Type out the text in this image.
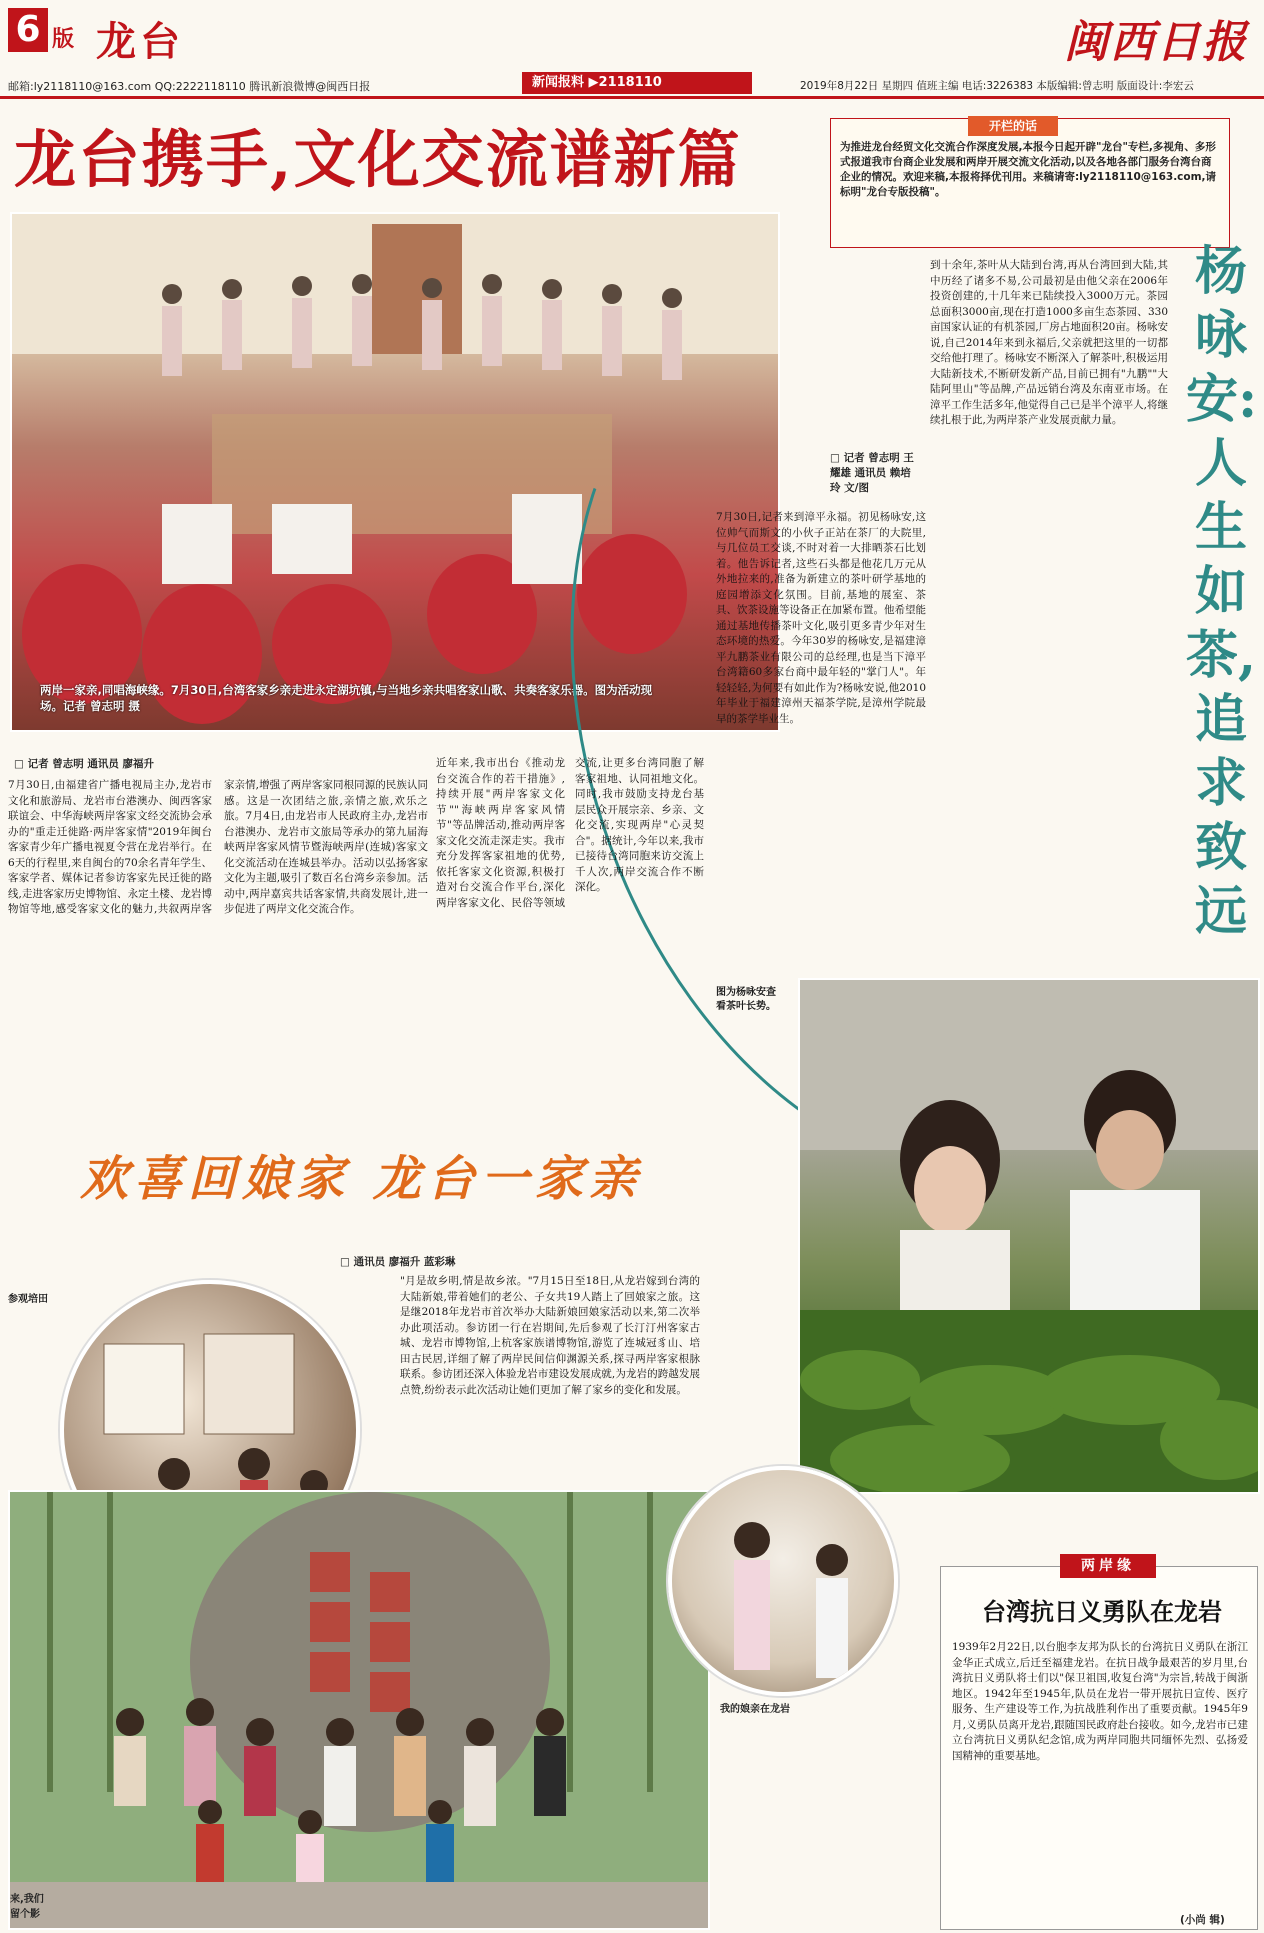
6 版 龙台	闽西日报
邮箱:ly2118110@163.com QQ:2222118110 腾讯新浪微博@闽西日报	新闻报料 ▶2118110	2019年8月22日 星期四 值班主编 电话:3226383 本版编辑:曾志明 版面设计:李宏云
龙台携手,文化交流谱新篇
两岸一家亲,同唱海峡缘。7月30日,台湾客家乡亲走进永定湖坑镇,与当地乡亲共唱客家山歌、共奏客家乐器。图为活动现场。记者 曾志明 摄
开栏的话
为推进龙台经贸文化交流合作深度发展,本报今日起开辟"龙台"专栏,多视角、多形式报道我市台商企业发展和两岸开展交流文化活动,以及各地各部门服务台湾台商企业的情况。欢迎来稿,本报将择优刊用。来稿请寄:ly2118110@163.com,请标明"龙台专版投稿"。
杨咏安:人生如茶,追求致远
到十余年,茶叶从大陆到台湾,再从台湾回到大陆,其中历经了诸多不易,公司最初是由他父亲在2006年投资创建的,十几年来已陆续投入3000万元。茶园总面积3000亩,现在打造1000多亩生态茶园、330亩国家认证的有机茶园,厂房占地面积20亩。杨咏安说,自己2014年来到永福后,父亲就把这里的一切都交给他打理了。杨咏安不断深入了解茶叶,积极运用大陆新技术,不断研发新产品,目前已拥有"九鹏""大陆阿里山"等品牌,产品远销台湾及东南亚市场。在漳平工作生活多年,他觉得自己已是半个漳平人,将继续扎根于此,为两岸茶产业发展贡献力量。
□ 记者 曾志明 王耀雄 通讯员 赖培玲 文/图
7月30日,记者来到漳平永福。初见杨咏安,这位帅气而斯文的小伙子正站在茶厂的大院里,与几位员工交谈,不时对着一大排晒茶石比划着。他告诉记者,这些石头都是他花几万元从外地拉来的,准备为新建立的茶叶研学基地的庭园增添文化氛围。目前,基地的展室、茶具、饮茶设施等设备正在加紧布置。他希望能通过基地传播茶叶文化,吸引更多青少年对生态环境的热爱。今年30岁的杨咏安,是福建漳平九鹏茶业有限公司的总经理,也是当下漳平台湾籍60多家台商中最年轻的"掌门人"。年轻轻轻,为何要有如此作为?杨咏安说,他2010年毕业于福建漳州天福茶学院,是漳州学院最早的茶学毕业生。
□ 记者 曾志明 通讯员 廖福升
7月30日,由福建省广播电视局主办,龙岩市文化和旅游局、龙岩市台港澳办、闽西客家联谊会、中华海峡两岸客家文经交流协会承办的"重走迁徙路·两岸客家情"2019年闽台客家青少年广播电视夏令营在龙岩举行。在6天的行程里,来自闽台的70余名青年学生、客家学者、媒体记者参访客家先民迁徙的路线,走进客家历史博物馆、永定土楼、龙岩博物馆等地,感受客家文化的魅力,共叙两岸客家亲情,增强了两岸客家同根同源的民族认同感。这是一次团结之旅,亲情之旅,欢乐之旅。7月4日,由龙岩市人民政府主办,龙岩市台港澳办、龙岩市文旅局等承办的第九届海峡两岸客家风情节暨海峡两岸(连城)客家文化交流活动在连城县举办。活动以弘扬客家文化为主题,吸引了数百名台湾乡亲参加。活动中,两岸嘉宾共话客家情,共商发展计,进一步促进了两岸文化交流合作。
近年来,我市出台《推动龙台交流合作的若干措施》,持续开展"两岸客家文化节""海峡两岸客家风情节"等品牌活动,推动两岸客家文化交流走深走实。我市充分发挥客家祖地的优势,依托客家文化资源,积极打造对台交流合作平台,深化两岸客家文化、民俗等领域交流,让更多台湾同胞了解客家祖地、认同祖地文化。同时,我市鼓励支持龙台基层民众开展宗亲、乡亲、文化交流,实现两岸"心灵契合"。据统计,今年以来,我市已接待台湾同胞来访交流上千人次,两岸交流合作不断深化。
图为杨咏安查看茶叶长势。
欢喜回娘家 龙台一家亲
□ 通讯员 廖福升 蓝彩琳
"月是故乡明,情是故乡浓。"7月15日至18日,从龙岩嫁到台湾的大陆新娘,带着她们的老公、子女共19人踏上了回娘家之旅。这是继2018年龙岩市首次举办大陆新娘回娘家活动以来,第二次举办此项活动。参访团一行在岩期间,先后参观了长汀汀州客家古城、龙岩市博物馆,上杭客家族谱博物馆,游览了连城冠豸山、培田古民居,详细了解了两岸民间信仰渊源关系,探寻两岸客家根脉联系。参访团还深入体验龙岩市建设发展成就,为龙岩的跨越发展点赞,纷纷表示此次活动让她们更加了解了家乡的变化和发展。
参观培田
来,我们留个影
我的娘亲在龙岩
两岸缘
台湾抗日义勇队在龙岩
1939年2月22日,以台胞李友邦为队长的台湾抗日义勇队在浙江金华正式成立,后迁至福建龙岩。在抗日战争最艰苦的岁月里,台湾抗日义勇队将士们以"保卫祖国,收复台湾"为宗旨,转战于闽浙地区。1942年至1945年,队员在龙岩一带开展抗日宣传、医疗服务、生产建设等工作,为抗战胜利作出了重要贡献。1945年9月,义勇队员离开龙岩,跟随国民政府赴台接收。如今,龙岩市已建立台湾抗日义勇队纪念馆,成为两岸同胞共同缅怀先烈、弘扬爱国精神的重要基地。
(小尚 辑)
